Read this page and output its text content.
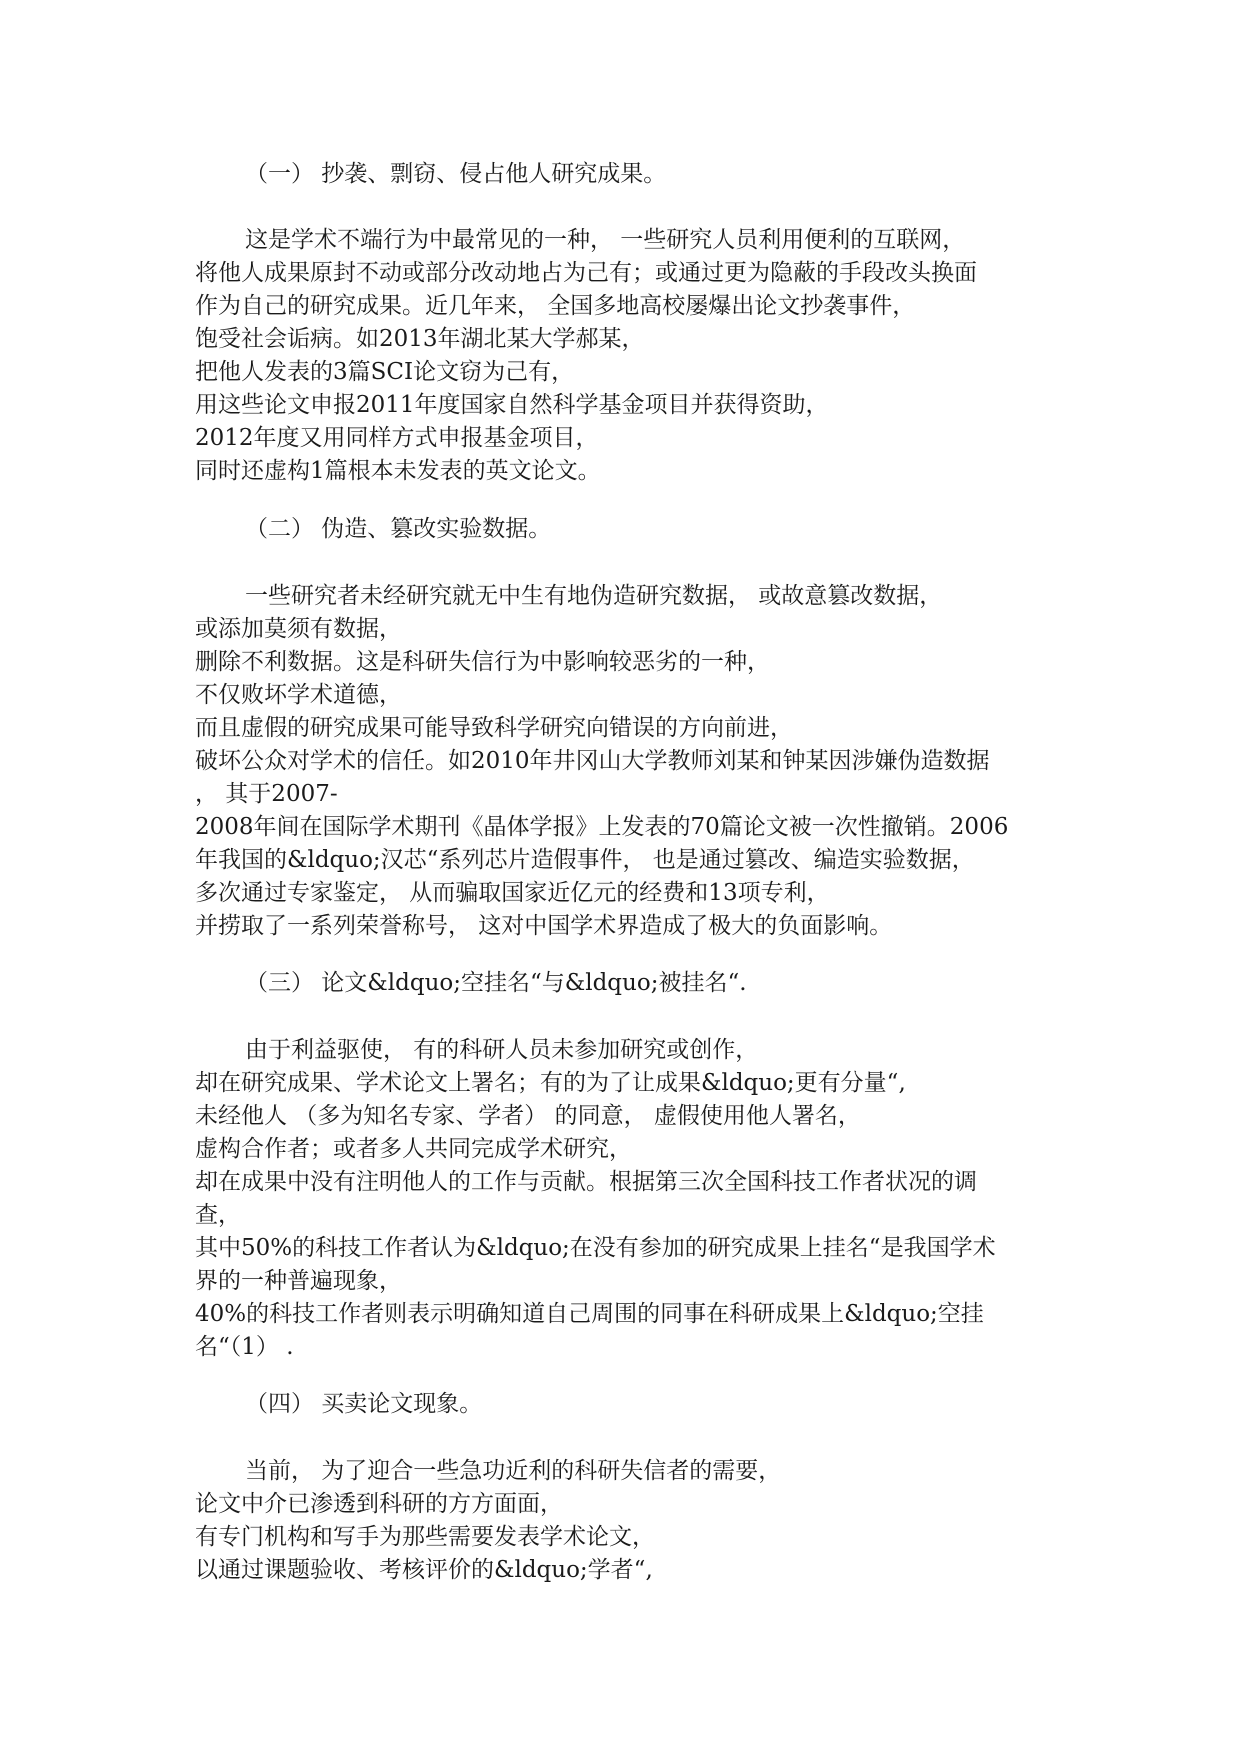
（一） 抄袭、剽窃、侵占他人研究成果。

这是学术不端行为中最常见的一种， 一些研究人员利用便利的互联网，

将他人成果原封不动或部分改动地占为己有；或通过更为隐蔽的手段改头换面

作为自己的研究成果。近几年来， 全国多地高校屡爆出论文抄袭事件，

饱受社会诟病。如2013年湖北某大学郝某，

把他人发表的3篇SCI论文窃为己有，

用这些论文申报2011年度国家自然科学基金项目并获得资助，

2012年度又用同样方式申报基金项目，

同时还虚构1篇根本未发表的英文论文。

（二） 伪造、篡改实验数据。

一些研究者未经研究就无中生有地伪造研究数据， 或故意篡改数据，

或添加莫须有数据，

删除不利数据。这是科研失信行为中影响较恶劣的一种，

不仅败坏学术道德，

而且虚假的研究成果可能导致科学研究向错误的方向前进，

破坏公众对学术的信任。如2010年井冈山大学教师刘某和钟某因涉嫌伪造数据

， 其于2007-

2008年间在国际学术期刊《晶体学报》上发表的70篇论文被一次性撤销。2006

年我国的&ldquo;汉芯“系列芯片造假事件， 也是通过篡改、编造实验数据，

多次通过专家鉴定， 从而骗取国家近亿元的经费和13项专利，

并捞取了一系列荣誉称号， 这对中国学术界造成了极大的负面影响。

（三） 论文&ldquo;空挂名“与&ldquo;被挂名“.

由于利益驱使， 有的科研人员未参加研究或创作，

却在研究成果、学术论文上署名；有的为了让成果&ldquo;更有分量“,

未经他人 （多为知名专家、学者） 的同意， 虚假使用他人署名，

虚构合作者；或者多人共同完成学术研究，

却在成果中没有注明他人的工作与贡献。根据第三次全国科技工作者状况的调

查，

其中50%的科技工作者认为&ldquo;在没有参加的研究成果上挂名“是我国学术

界的一种普遍现象，

40%的科技工作者则表示明确知道自己周围的同事在科研成果上&ldquo;空挂

名“（1） .

（四） 买卖论文现象。

当前， 为了迎合一些急功近利的科研失信者的需要，

论文中介已渗透到科研的方方面面，

有专门机构和写手为那些需要发表学术论文，

以通过课题验收、考核评价的&ldquo;学者“,
